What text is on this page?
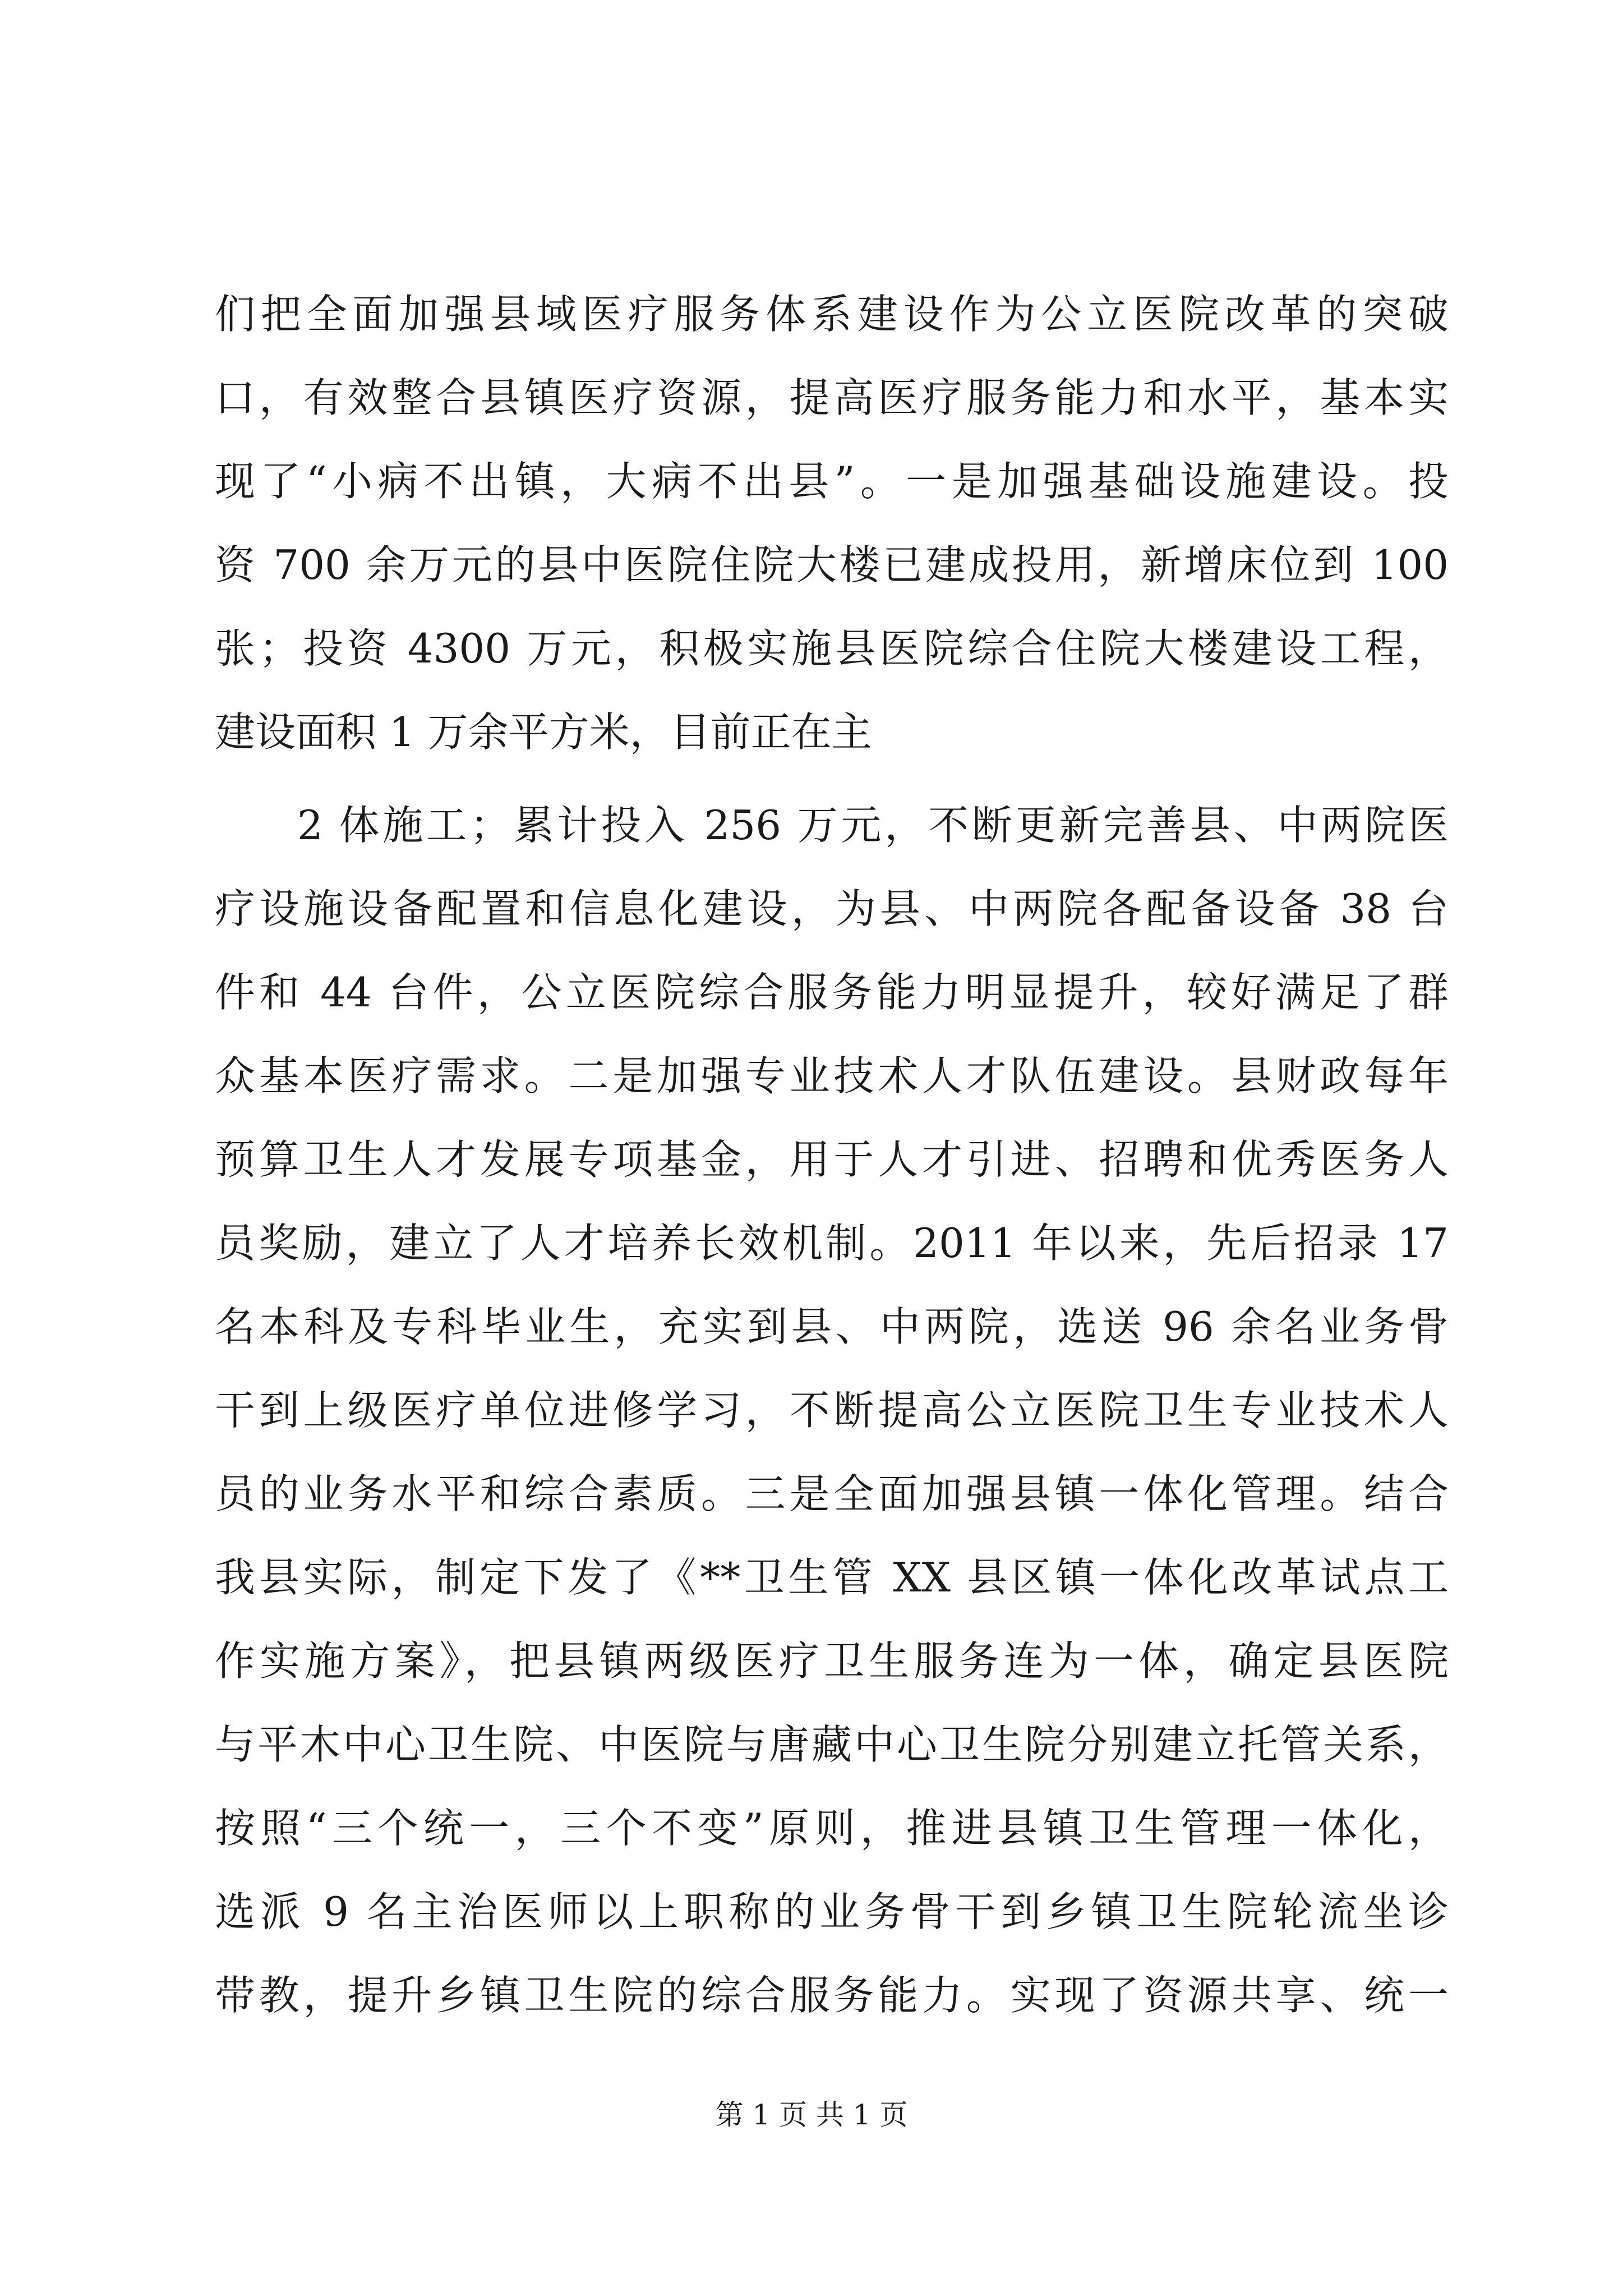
们把全面加强县域医疗服务体系建设作为公立医院改革的突破
口，有效整合县镇医疗资源，提高医疗服务能力和水平，基本实
现了“小病不出镇，大病不出县”。一是加强基础设施建设。投
资 700 余万元的县中医院住院大楼已建成投用，新增床位到 100
张；投资 4300 万元，积极实施县医院综合住院大楼建设工程，
建设面积 1 万余平方米，目前正在主
2 体施工；累计投入 256 万元，不断更新完善县、中两院医
疗设施设备配置和信息化建设，为县、中两院各配备设备 38 台
件和 44 台件，公立医院综合服务能力明显提升，较好满足了群
众基本医疗需求。二是加强专业技术人才队伍建设。县财政每年
预算卫生人才发展专项基金，用于人才引进、招聘和优秀医务人
员奖励，建立了人才培养长效机制。2011 年以来，先后招录 17
名本科及专科毕业生，充实到县、中两院，选送 96 余名业务骨
干到上级医疗单位进修学习，不断提高公立医院卫生专业技术人
员的业务水平和综合素质。三是全面加强县镇一体化管理。结合
我县实际，制定下发了《**卫生管 XX 县区镇一体化改革试点工
作实施方案》，把县镇两级医疗卫生服务连为一体，确定县医院
与平木中心卫生院、中医院与唐藏中心卫生院分别建立托管关系，
按照“三个统一，三个不变”原则，推进县镇卫生管理一体化，
选派 9 名主治医师以上职称的业务骨干到乡镇卫生院轮流坐诊
带教，提升乡镇卫生院的综合服务能力。实现了资源共享、统一
第 1 页 共 1 页
